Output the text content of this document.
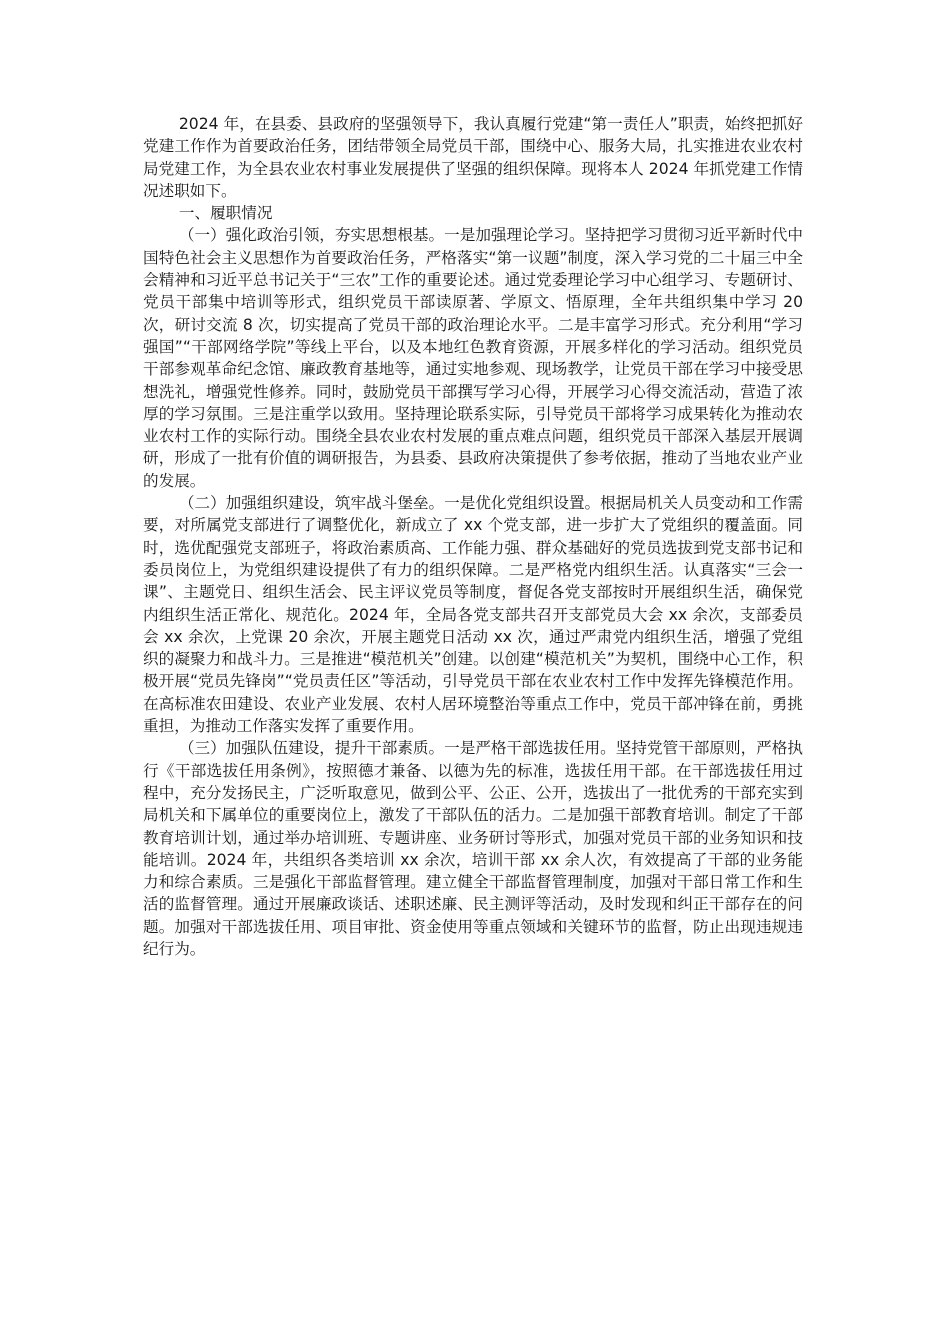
2024 年，在县委、县政府的坚强领导下，我认真履行党建“第一责任人”职责，始终把抓好党建工作作为首要政治任务，团结带领全局党员干部，围绕中心、服务大局，扎实推进农业农村局党建工作，为全县农业农村事业发展提供了坚强的组织保障。现将本人 2024 年抓党建工作情况述职如下。

一、履职情况

（一）强化政治引领，夯实思想根基。一是加强理论学习。坚持把学习贯彻习近平新时代中国特色社会主义思想作为首要政治任务，严格落实“第一议题”制度，深入学习党的二十届三中全会精神和习近平总书记关于“三农”工作的重要论述。通过党委理论学习中心组学习、专题研讨、党员干部集中培训等形式，组织党员干部读原著、学原文、悟原理，全年共组织集中学习 20 次，研讨交流 8 次，切实提高了党员干部的政治理论水平。二是丰富学习形式。充分利用“学习强国”“干部网络学院”等线上平台，以及本地红色教育资源，开展多样化的学习活动。组织党员干部参观革命纪念馆、廉政教育基地等，通过实地参观、现场教学，让党员干部在学习中接受思想洗礼，增强党性修养。同时，鼓励党员干部撰写学习心得，开展学习心得交流活动，营造了浓厚的学习氛围。三是注重学以致用。坚持理论联系实际，引导党员干部将学习成果转化为推动农业农村工作的实际行动。围绕全县农业农村发展的重点难点问题，组织党员干部深入基层开展调研，形成了一批有价值的调研报告，为县委、县政府决策提供了参考依据，推动了当地农业产业的发展。

（二）加强组织建设，筑牢战斗堡垒。一是优化党组织设置。根据局机关人员变动和工作需要，对所属党支部进行了调整优化，新成立了 xx 个党支部，进一步扩大了党组织的覆盖面。同时，选优配强党支部班子，将政治素质高、工作能力强、群众基础好的党员选拔到党支部书记和委员岗位上，为党组织建设提供了有力的组织保障。二是严格党内组织生活。认真落实“三会一课”、主题党日、组织生活会、民主评议党员等制度，督促各党支部按时开展组织生活，确保党内组织生活正常化、规范化。2024 年，全局各党支部共召开支部党员大会 xx 余次，支部委员会 xx 余次，上党课 20 余次，开展主题党日活动 xx 次，通过严肃党内组织生活，增强了党组织的凝聚力和战斗力。三是推进“模范机关”创建。以创建“模范机关”为契机，围绕中心工作，积极开展“党员先锋岗”“党员责任区”等活动，引导党员干部在农业农村工作中发挥先锋模范作用。在高标准农田建设、农业产业发展、农村人居环境整治等重点工作中，党员干部冲锋在前，勇挑重担，为推动工作落实发挥了重要作用。

（三）加强队伍建设，提升干部素质。一是严格干部选拔任用。坚持党管干部原则，严格执行《干部选拔任用条例》，按照德才兼备、以德为先的标准，选拔任用干部。在干部选拔任用过程中，充分发扬民主，广泛听取意见，做到公平、公正、公开，选拔出了一批优秀的干部充实到局机关和下属单位的重要岗位上，激发了干部队伍的活力。二是加强干部教育培训。制定了干部教育培训计划，通过举办培训班、专题讲座、业务研讨等形式，加强对党员干部的业务知识和技能培训。2024 年，共组织各类培训 xx 余次，培训干部 xx 余人次，有效提高了干部的业务能力和综合素质。三是强化干部监督管理。建立健全干部监督管理制度，加强对干部日常工作和生活的监督管理。通过开展廉政谈话、述职述廉、民主测评等活动，及时发现和纠正干部存在的问题。加强对干部选拔任用、项目审批、资金使用等重点领域和关键环节的监督，防止出现违规违纪行为。
